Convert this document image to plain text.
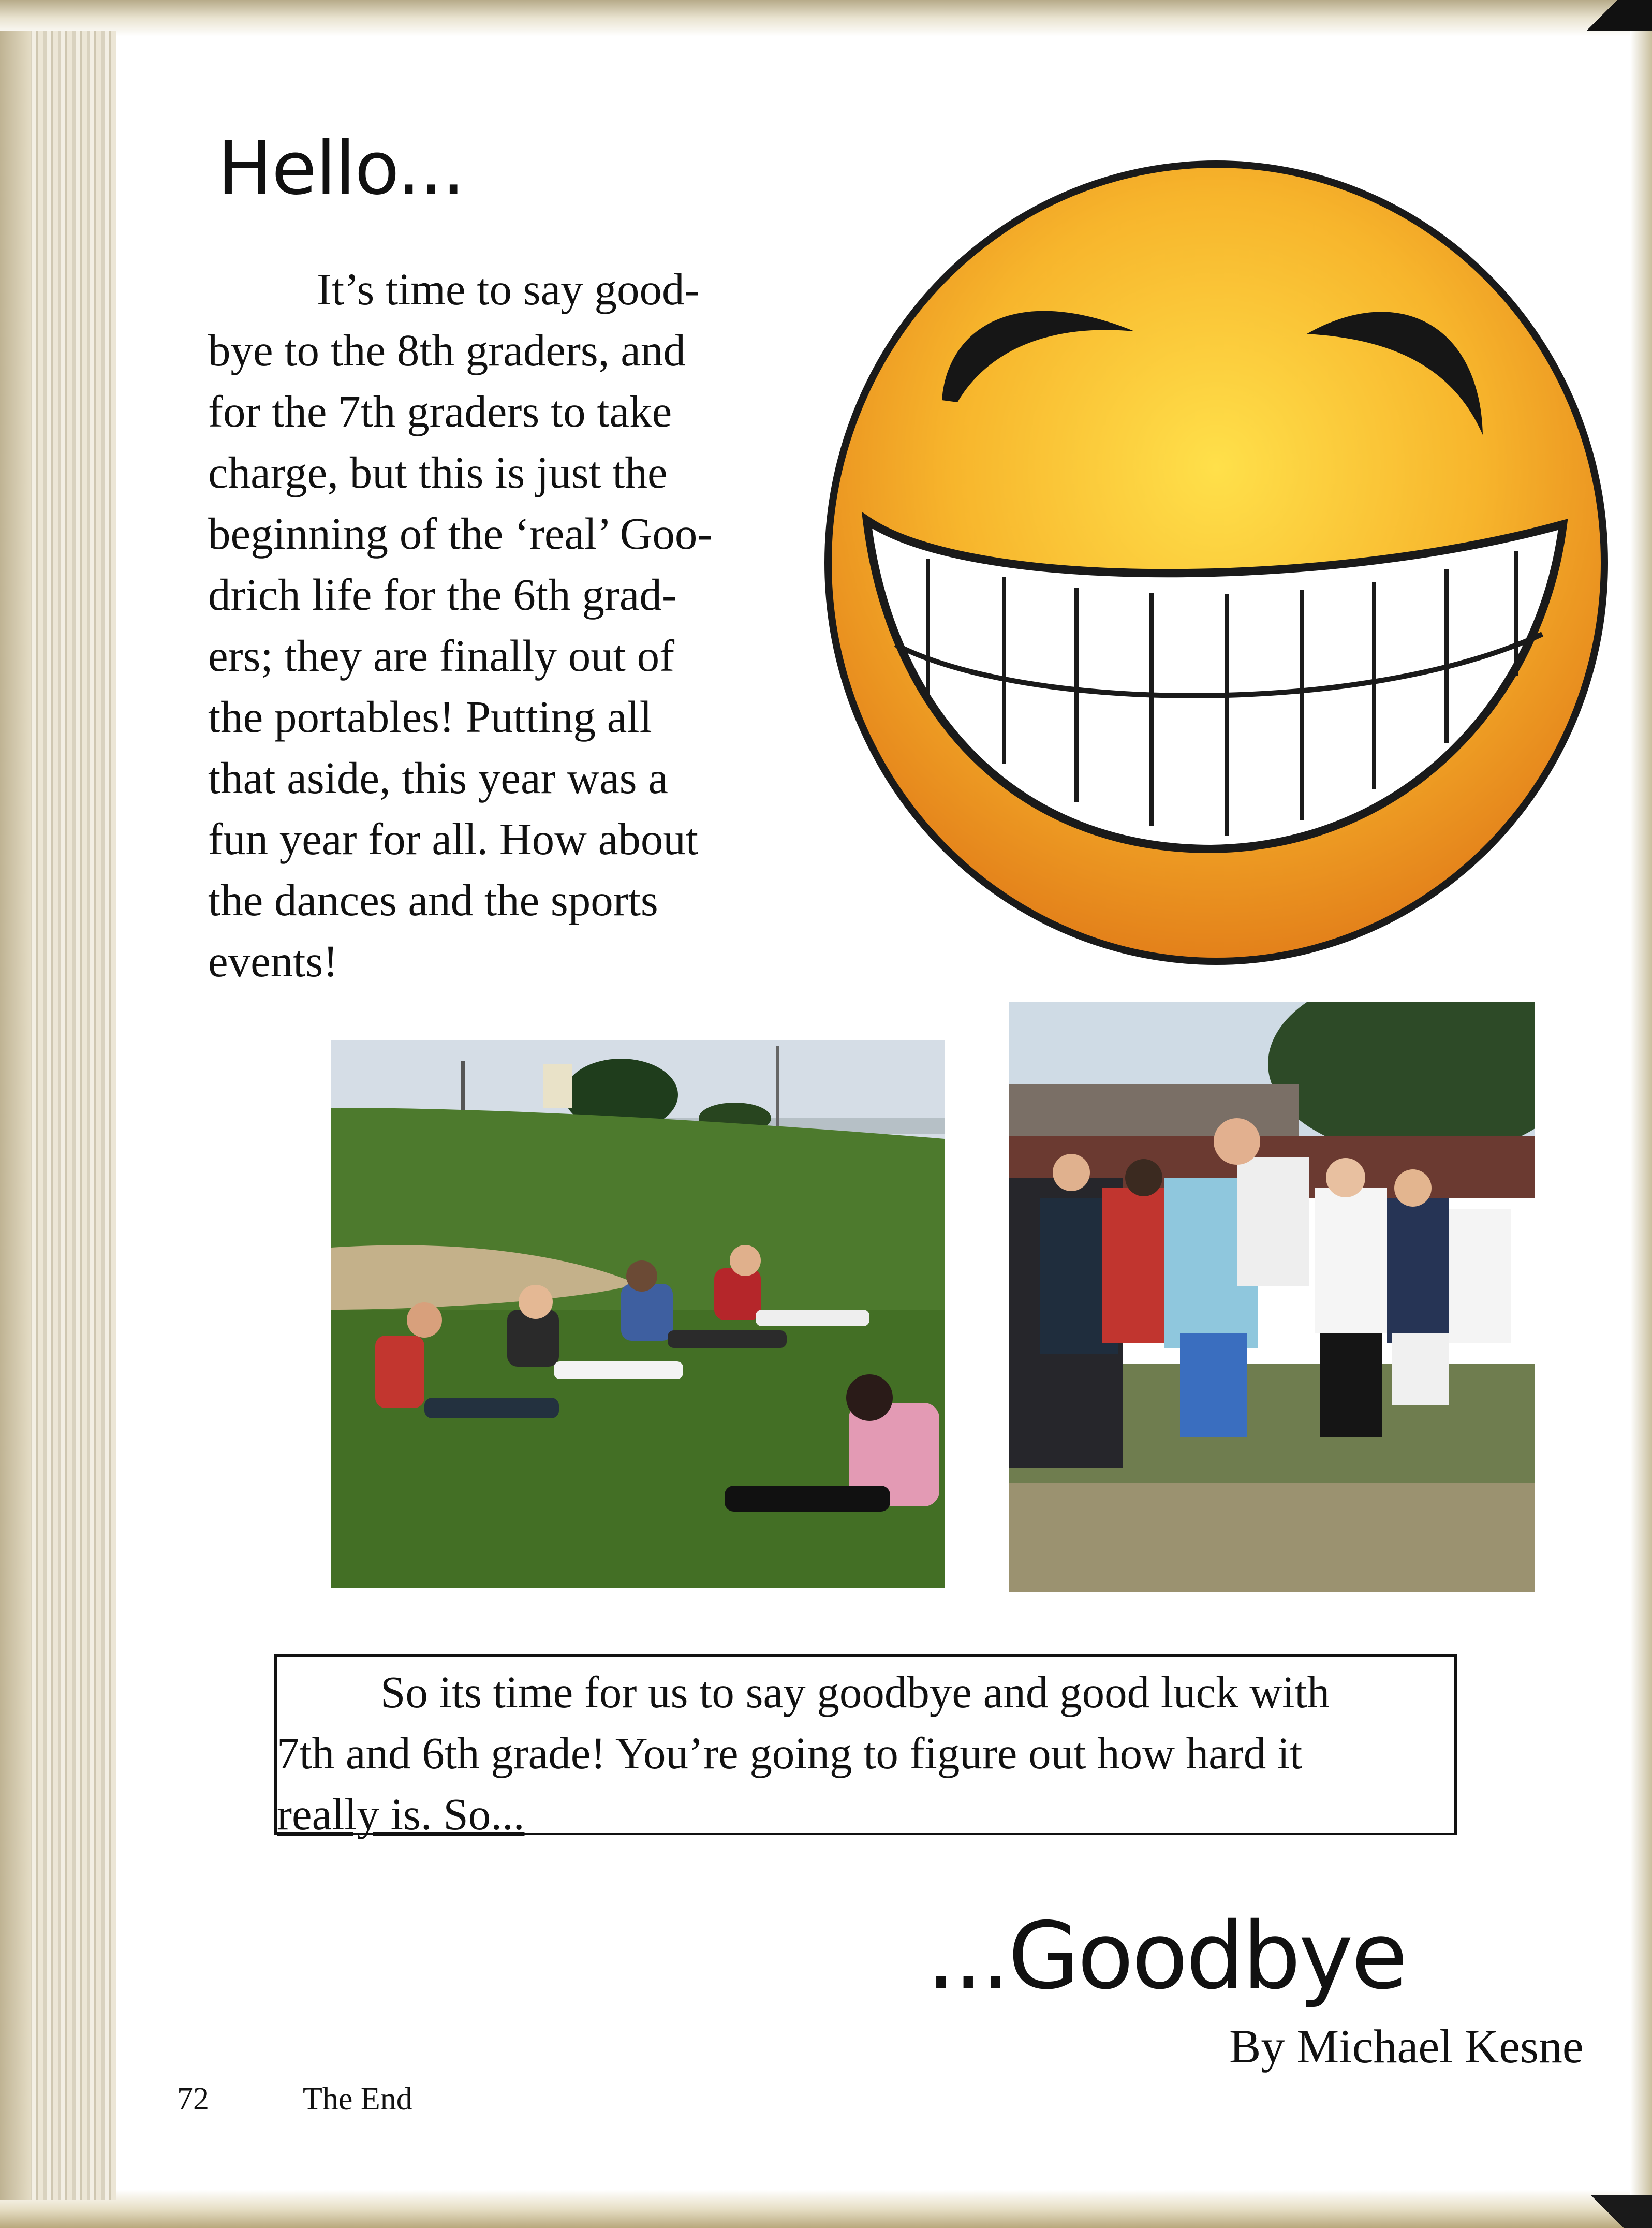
Hello...
It’s time to say good-
bye to the 8th graders, and
for the 7th graders to take
charge, but this is just the
beginning of the ‘real’ Goo-
drich life for the 6th grad-
ers; they are finally out of
the portables! Putting all
that aside, this year was a
fun year for all. How about
the dances and the sports
events!
So its time for us to say goodbye and good luck with
7th and 6th grade! You’re going to figure out how hard it
really is. So...
...Goodbye
By Michael Kesne
72	The End
